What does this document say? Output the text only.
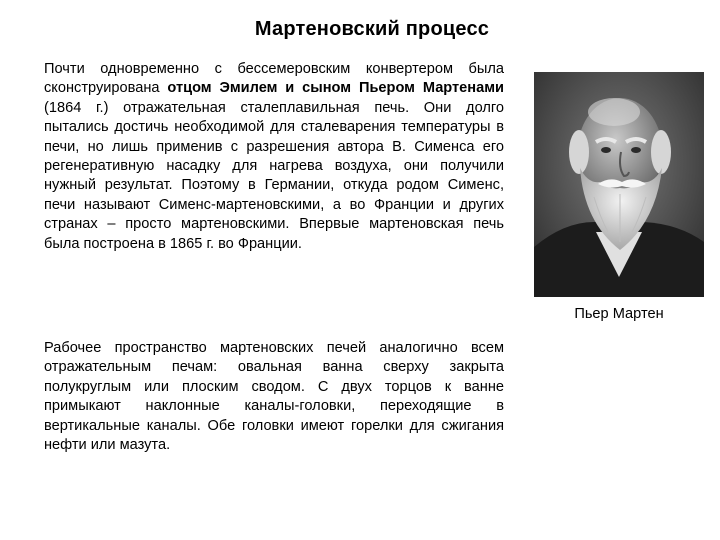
Мартеновский процесс
Почти одновременно с бессемеровским конвертером была сконструирована отцом Эмилем и сыном Пьером Мартенами (1864 г.) отражательная сталеплавильная печь. Они долго пытались достичь необходимой для сталеварения температуры в печи, но лишь применив с разрешения автора В. Сименса его регенеративную насадку для нагрева воздуха, они получили нужный результат. Поэтому в Германии, откуда родом Сименс, печи называют Сименс-мартеновскими, а во Франции и других странах – просто мартеновскими. Впервые мартеновская печь была построена в 1865 г. во Франции.
Рабочее пространство мартеновских печей аналогично всем отражательным печам: овальная ванна сверху закрыта полукруглым или плоским сводом. С двух торцов к ванне примыкают наклонные каналы-головки, переходящие в вертикальные каналы. Обе головки имеют горелки для сжигания нефти или мазута.
Пьер Мартен
